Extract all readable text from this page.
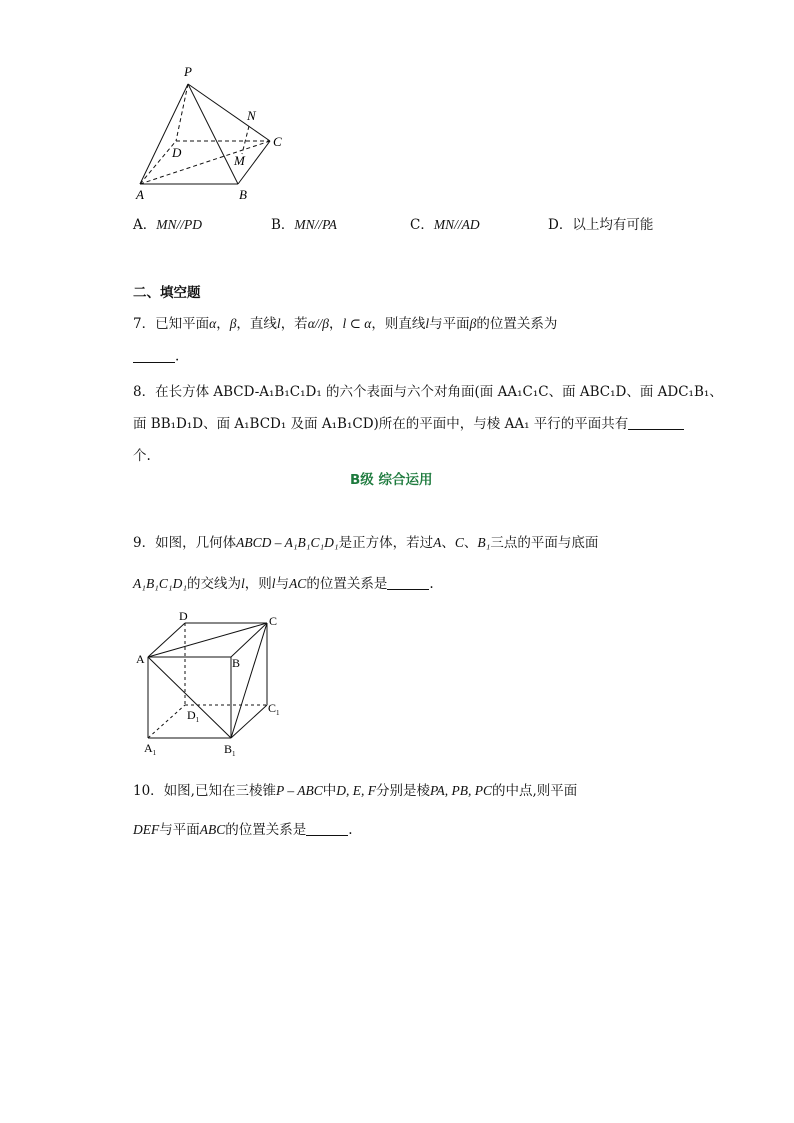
P
N
C
D
M
A	B
A．MN//PD	B．MN//PA	C．MN//AD	D．以上均有可能
二、填空题
7．已知平面α，β，直线l，若α//β，l ⊂ α，则直线l与平面β的位置关系为
.
8．在长方体 ABCD-A₁B₁C₁D₁ 的六个表面与六个对角面(面 AA₁C₁C、面 ABC₁D、面 ADC₁B₁、
面 BB₁D₁D、面 A₁BCD₁ 及面 A₁B₁CD)所在的平面中，与棱 AA₁ 平行的平面共有
个.
B级 综合运用
9．如图，几何体ABCD – A₁B₁C₁D₁是正方体，若过A、C、B₁三点的平面与底面
A₁B₁C₁D₁的交线为l，则l与AC的位置关系是	.
D	C
A	B
$D_1$
$C_1$
$A_1$	$B_1$
10．如图,已知在三棱锥P – ABC中D, E, F分别是棱PA, PB, PC的中点,则平面
DEF与平面ABC的位置关系是	.
